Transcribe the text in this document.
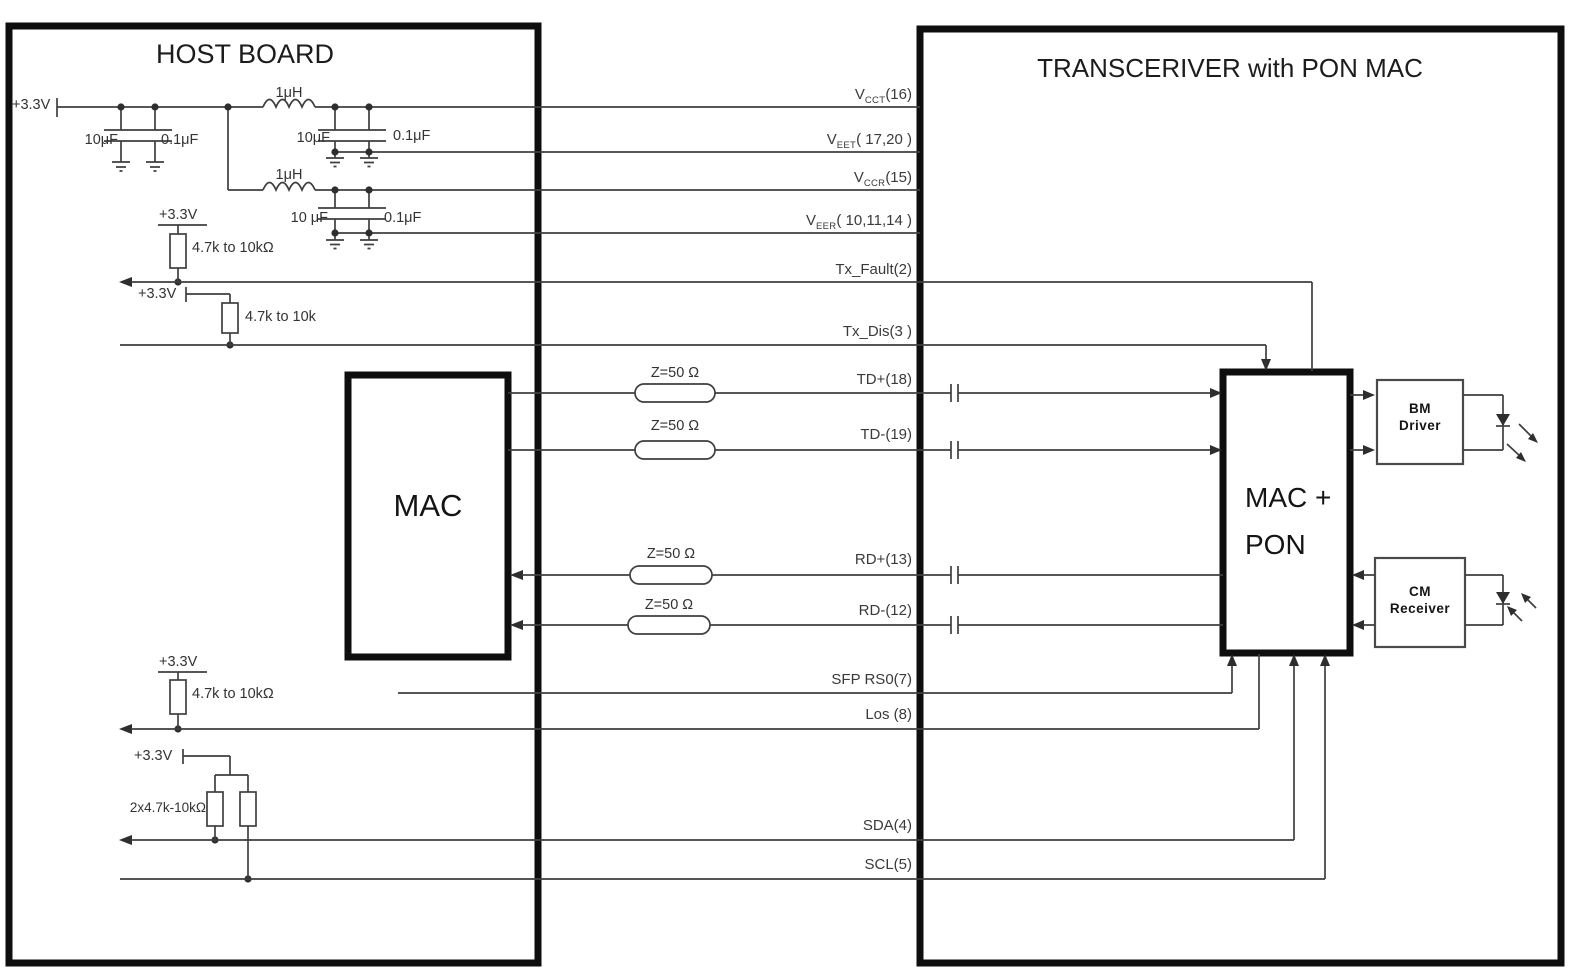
HOST BOARD	TRANSCERIVER with PON MAC
MAC	MAC +
PON
BM
Driver
CM
Receiver
+3.3V
10μF	0.1μF
1μH
10μF	0.1μF
1μH
10 μF	0.1μF
+3.3V
4.7k to 10kΩ
+3.3V
4.7k to 10k
+3.3V
4.7k to 10kΩ
+3.3V
2x4.7k-10kΩ
Z=50 Ω
Z=50 Ω
Z=50 Ω
Z=50 Ω
$V_{CCT}(16)$
$V_{EET}$( 17,20 )
$V_{CCR}(15)$
$V_{EER}$( 10,11,14 )
Tx_Fault(2)
Tx_Dis(3 )
TD+(18)
TD-(19)
RD+(13)
RD-(12)
SFP RS0(7)
Los (8)
SDA(4)
SCL(5)
